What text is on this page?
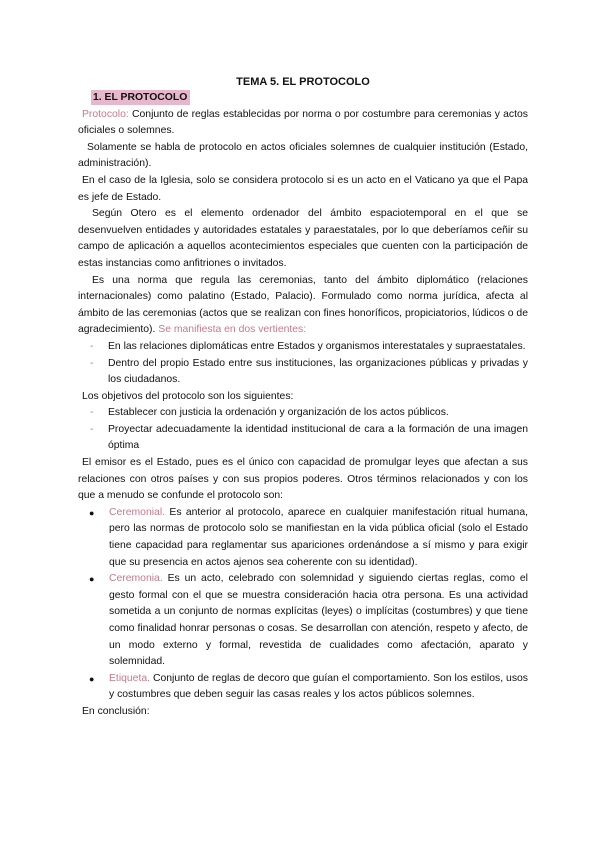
TEMA 5. EL PROTOCOLO

1. EL PROTOCOLO

Protocolo: Conjunto de reglas establecidas por norma o por costumbre para ceremonias y actos oficiales o solemnes.

Solamente se habla de protocolo en actos oficiales solemnes de cualquier institución (Estado, administración).

En el caso de la Iglesia, solo se considera protocolo si es un acto en el Vaticano ya que el Papa es jefe de Estado.

Según Otero es el elemento ordenador del ámbito espaciotemporal en el que se desenvuelven entidades y autoridades estatales y paraestatales, por lo que deberíamos ceñir su campo de aplicación a aquellos acontecimientos especiales que cuenten con la participación de estas instancias como anfitriones o invitados.

Es una norma que regula las ceremonias, tanto del ámbito diplomático (relaciones internacionales) como palatino (Estado, Palacio). Formulado como norma jurídica, afecta al ámbito de las ceremonias (actos que se realizan con fines honoríficos, propiciatorios, lúdicos o de agradecimiento). Se manifiesta en dos vertientes:

- En las relaciones diplomáticas entre Estados y organismos interestatales y supraestatales.
- Dentro del propio Estado entre sus instituciones, las organizaciones públicas y privadas y los ciudadanos.

Los objetivos del protocolo son los siguientes:

- Establecer con justicia la ordenación y organización de los actos públicos.
- Proyectar adecuadamente la identidad institucional de cara a la formación de una imagen óptima

El emisor es el Estado, pues es el único con capacidad de promulgar leyes que afectan a sus relaciones con otros países y con sus propios poderes. Otros términos relacionados y con los que a menudo se confunde el protocolo son:

● Ceremonial. Es anterior al protocolo, aparece en cualquier manifestación ritual humana, pero las normas de protocolo solo se manifiestan en la vida pública oficial (solo el Estado tiene capacidad para reglamentar sus apariciones ordenándose a sí mismo y para exigir que su presencia en actos ajenos sea coherente con su identidad).
● Ceremonia. Es un acto, celebrado con solemnidad y siguiendo ciertas reglas, como el gesto formal con el que se muestra consideración hacia otra persona. Es una actividad sometida a un conjunto de normas explícitas (leyes) o implícitas (costumbres) y que tiene como finalidad honrar personas o cosas. Se desarrollan con atención, respeto y afecto, de un modo externo y formal, revestida de cualidades como afectación, aparato y solemnidad.
● Etiqueta. Conjunto de reglas de decoro que guían el comportamiento. Son los estilos, usos y costumbres que deben seguir las casas reales y los actos públicos solemnes.

En conclusión:
